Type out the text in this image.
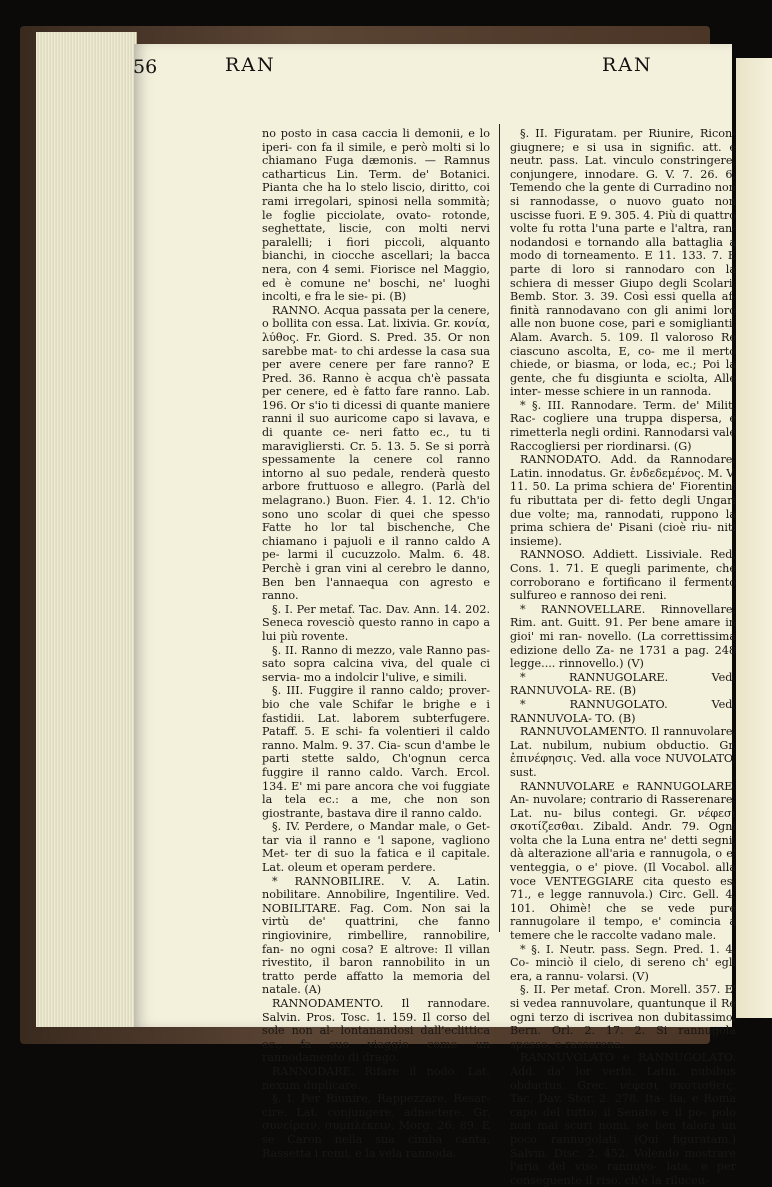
56	RAN	RAN

no posto in casa caccia li demonii, e lo iperi- con fa il simile, e però molti si lo chiamano Fuga dæmonis. — Ramnus catharticus Lin. Term. de' Botanici. Pianta che ha lo stelo liscio, diritto, coi rami irregolari, spinosi nella sommità; le foglie picciolate, ovato- rotonde, seghettate, liscie, con molti nervi paralelli; i fiori piccoli, alquanto bianchi, in ciocche ascellari; la bacca nera, con 4 semi. Fiorisce nel Maggio, ed è comune ne' boschi, ne' luoghi incolti, e fra le sie- pi. (B)

RANNO. Acqua passata per la cenere, o bollita con essa. Lat. lixivia. Gr. κονία, λύθος. Fr. Giord. S. Pred. 35. Or non sarebbe mat- to chi ardesse la casa sua per avere cenere per fare ranno? E Pred. 36. Ranno è acqua ch'è passata per cenere, ed è fatto fare ranno. Lab. 196. Or s'io ti dicessi di quante maniere ranni il suo auricome capo si lavava, e di quante ce- neri fatto ec., tu ti maravigliersti. Cr. 5. 13. 5. Se si porrà spessamente la cenere col ranno intorno al suo pedale, renderà questo arbore fruttuoso e allegro. (Parlà del melagrano.) Buon. Fier. 4. 1. 12. Ch'io sono uno scolar di quei che spesso Fatte ho lor tal bischenche, Che chiamano i pajuoli e il ranno caldo A pe- larmi il cucuzzolo. Malm. 6. 48. Perchè i gran vini al cerebro le danno, Ben ben l'annaequa con agresto e ranno.

§. I. Per metaf. Tac. Dav. Ann. 14. 202. Seneca rovesciò questo ranno in capo a lui più rovente.

§. II. Ranno di mezzo, vale Ranno pas- sato sopra calcina viva, del quale ci servia- mo a indolcir l'ulive, e simili.

§. III. Fuggire il ranno caldo; prover- bio che vale Schifar le brighe e i fastidii. Lat. laborem subterfugere. Pataff. 5. E schi- fa volentieri il caldo ranno. Malm. 9. 37. Cia- scun d'ambe le parti stette saldo, Ch'ognun cerca fuggire il ranno caldo. Varch. Ercol. 134. E' mi pare ancora che voi fuggiate la tela ec.: a me, che non son giostrante, bastava dire il ranno caldo.

§. IV. Perdere, o Mandar male, o Get- tar via il ranno e 'l sapone, vagliono Met- ter di suo la fatica e il capitale. Lat. oleum et operam perdere.

* RANNOBILIRE. V. A. Latin. nobilitare. Annobilire, Ingentilire. Ved. NOBILITARE. Fag. Com. Non sai la virtù de' quattrini, che fanno ringiovinire, rimbellire, rannobilire, fan- no ogni cosa? E altrove: Il villan rivestito, il baron rannobilito in un tratto perde affatto la memoria del natale. (A)

RANNODAMENTO. Il rannodare. Salvin. Pros. Tosc. 1. 159. Il corso del sole non al- lontanandosi dall'eclittica ec., fa suo viaggio come un rannodamento di drago.

RANNODARE. Rifare il nodo. Lat. nexum duplicare.

§. I. Per Riunire, Rappezzare, Resar- cire. Lat. conjungere, adnectere. Gr. συνείρειν, συμπλέκειν. Morg. 26. 89. E se Caron nella sua cimba canta, Rassetta i remi, e la vela rannoda.

§. II. Figuratam. per Riunire, Ricon- giugnere; e si usa in signific. att. e neutr. pass. Lat. vinculo constringere, conjungere, innodare. G. V. 7. 26. 6. Temendo che la gente di Curradino non si rannodasse, o nuovo guato non uscisse fuori. E 9. 305. 4. Più di quattro volte fu rotta l'una parte e l'altra, ran- nodandosi e tornando alla battaglia a modo di torneamento. E 11. 133. 7. E parte di loro si rannodaro con la schiera di messer Giupo degli Scolari. Bemb. Stor. 3. 39. Così essi quella af- finità rannodavano con gli animi loro alle non buone cose, pari e somiglianti. Alam. Avarch. 5. 109. Il valoroso Re ciascuno ascolta, E, co- me il merto chiede, or biasma, or loda, ec.; Poi la gente, che fu disgiunta e sciolta, Alle inter- messe schiere in un rannoda.

* §. III. Rannodare. Term. de' Milit. Rac- cogliere una truppa dispersa, e rimetterla negli ordini. Rannodarsi vale Raccogliersi per riordinarsi. (G)

RANNODATO. Add. da Rannodare. Latin. innodatus. Gr. ἐνδεδεμένος. M. V. 11. 50. La prima schiera de' Fiorentini fu ributtata per di- fetto degli Ungari due volte; ma, rannodati, ruppono la prima schiera de' Pisani (cioè riu- niti insieme).

RANNOSO. Addiett. Lissiviale. Red. Cons. 1. 71. E quegli parimente, che corroborano e fortificano il fermento sulfureo e rannoso dei reni.

* RANNOVELLARE. Rinnovellare. Rim. ant. Guitt. 91. Per bene amare in gioi' mi ran- novello. (La correttissima edizione dello Za- ne 1731 a pag. 248 legge.... rinnovello.) (V)

* RANNUGOLARE. Ved. RANNUVOLA- RE. (B)

* RANNUGOLATO. Ved. RANNUVOLA- TO. (B)

RANNUVOLAMENTO. Il rannuvolare. Lat. nubilum, nubium obductio. Gr. ἐπινέφησις. Ved. alla voce NUVOLATO, sust.

RANNUVOLARE e RANNUGOLARE. An- nuvolare; contrario di Rasserenare. Lat. nu- bilus contegi. Gr. νέφεσι σκοτίζεσθαι. Zibald. Andr. 79. Ogni volta che la Luna entra ne' detti segni, dà alterazione all'aria e rannugola, o e' venteggia, o e' piove. (Il Vocabol. alla voce VENTEGGIARE cita questo es. 71., e legge rannuvola.) Circ. Gell. 4. 101. Ohimè! che se vede pure rannugolare il tempo, e' comincia a temere che le raccolte vadano male.

* §. I. Neutr. pass. Segn. Pred. 1. 4. Co- minciò il cielo, di sereno ch' egli era, a rannu- volarsi. (V)

§. II. Per metaf. Cron. Morell. 357. E' si vedea rannuvolare, quantunque il Re ogni terzo di iscrivea non dubitassimo. Bern. Orl. 2. 17. 2. Si rannugola spesso, e rasserena.

RANNUVOLATO e RANNUGOLATO. Add. da' lor verbi. Latin. nubibus obductus. Grec. νέφεσι σκοτισθείς. Tac. Dav. Stor. 2. 278. Ita- lia, e Roma capo del tutto; il Senato e il po- polo non mai scuri nomi, se ben talora un poco rannugolati. (Qui figuratam.) Salvin. Disc. 2. 452. Volendo mostrare l'aria del viso rannuvo- lata, e per conseguente il riso, ch'è la riluceu-
